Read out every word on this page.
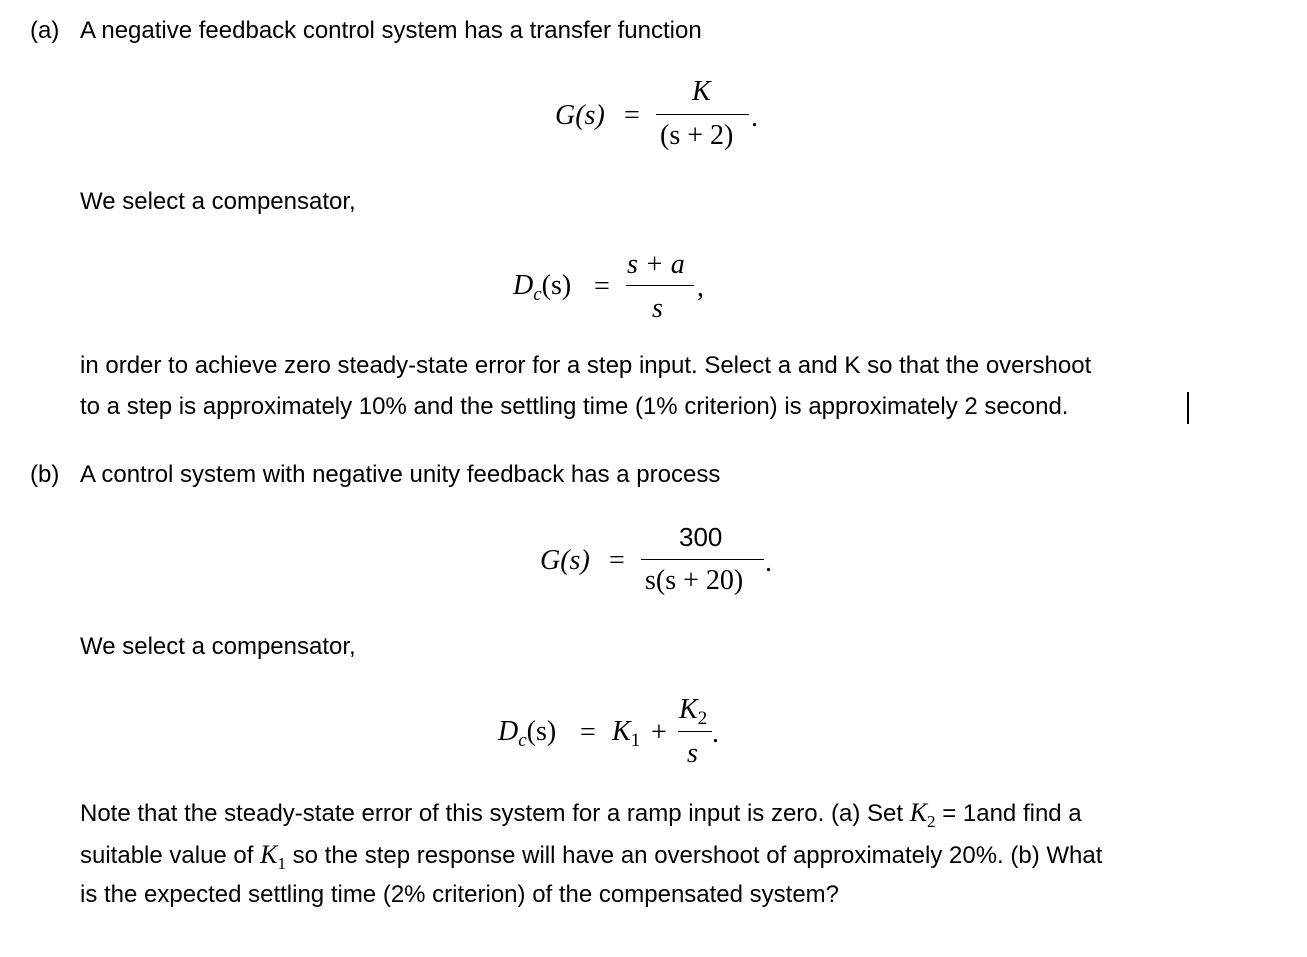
(a) A negative feedback control system has a transfer function
G(s) =
K
(s + 2)
.
We select a compensator,
$D_c(s)$ =
s + a
s
,
in order to achieve zero steady-state error for a step input. Select a and K so that the overshoot
to a step is approximately 10% and the settling time (1% criterion) is approximately 2 second.
(b) A control system with negative unity feedback has a process
G(s) =
300
s(s + 20)
.
We select a compensator,
$D_c(s) = K_1$ +
$K_2$
s
.
Note that the steady-state error of this system for a ramp input is zero. (a) Set $K_2 = 1and$ find a
suitable value of $K_1$ so the step response will have an overshoot of approximately 20%. (b) What
is the expected settling time (2% criterion) of the compensated system?
